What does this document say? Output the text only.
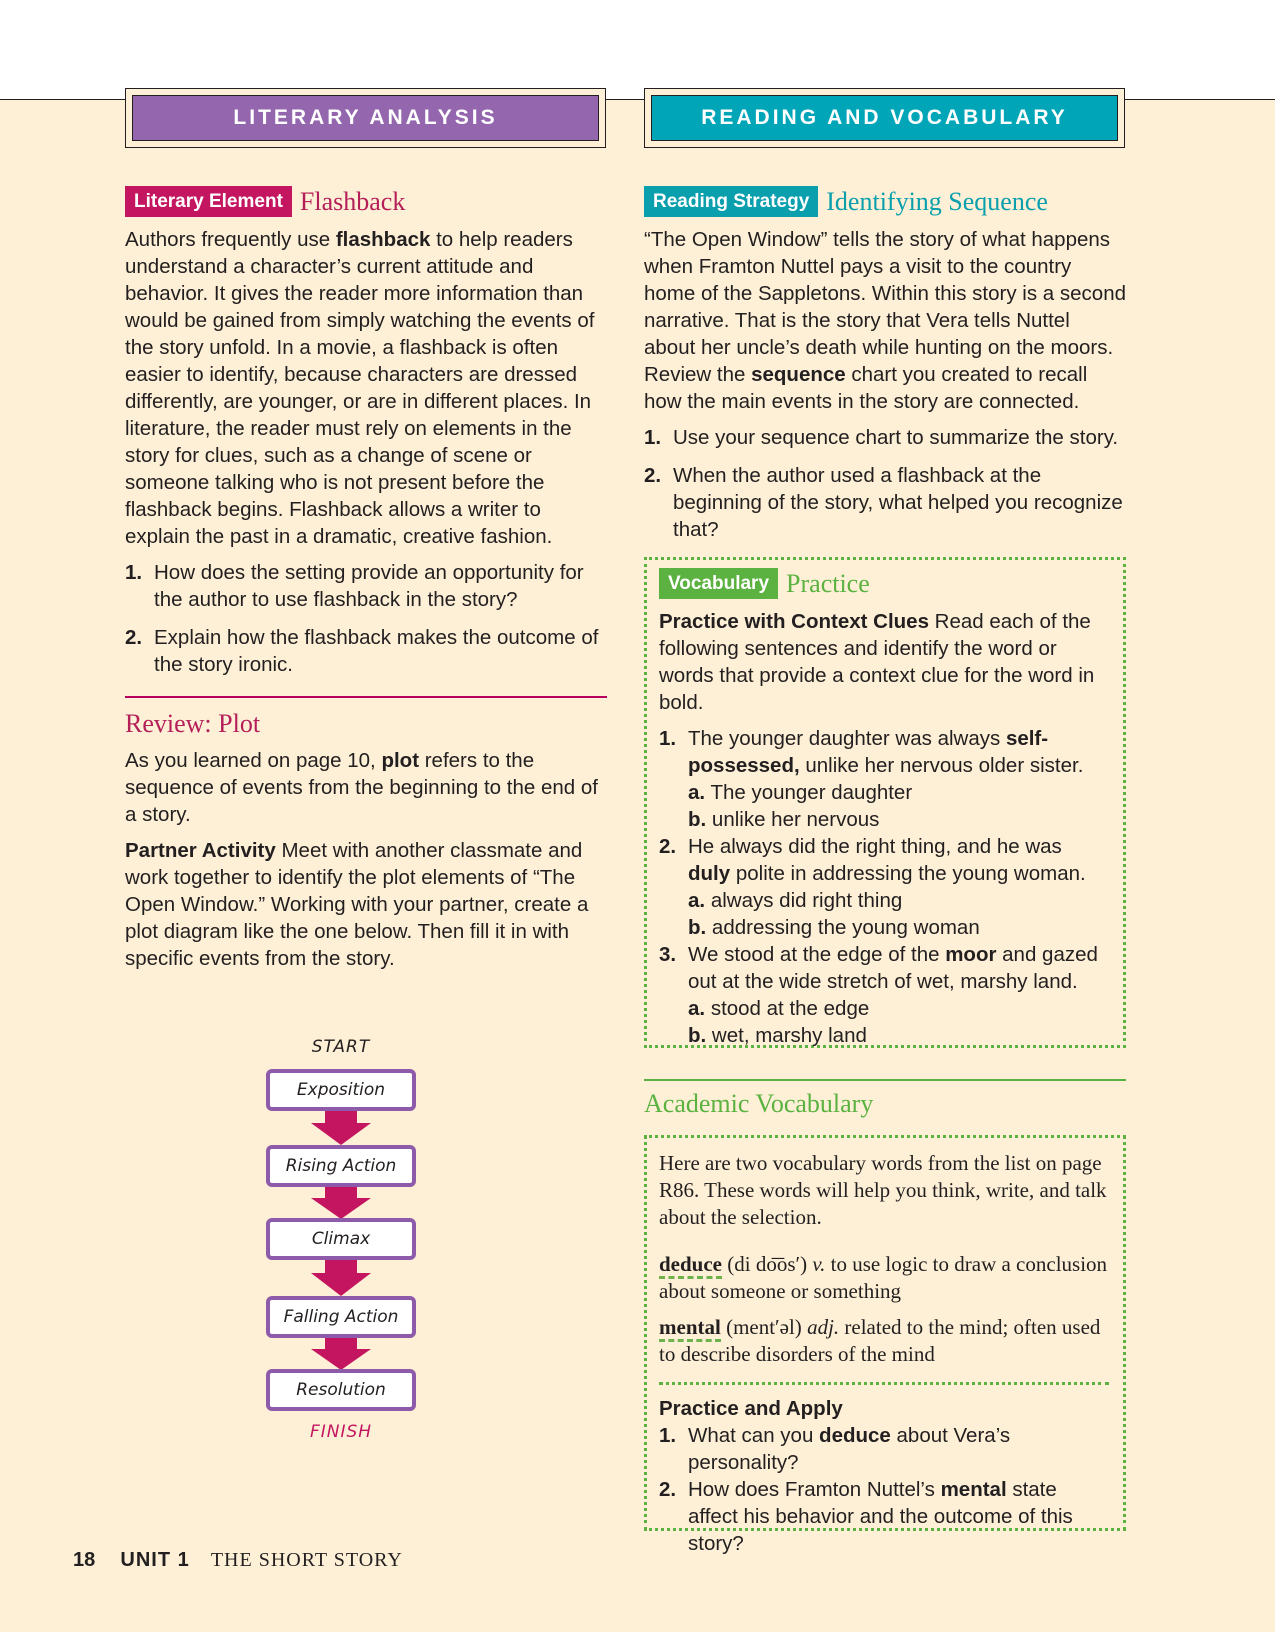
LITERARY ANALYSIS	READING AND VOCABULARY
Literary Element Flashback

Authors frequently use flashback to help readers understand a character’s current attitude and behavior. It gives the reader more information than would be gained from simply watching the events of the story unfold. In a movie, a flashback is often easier to identify, because characters are dressed differently, are younger, or are in different places. In literature, the reader must rely on elements in the story for clues, such as a change of scene or someone talking who is not present before the flashback begins. Flashback allows a writer to explain the past in a dramatic, creative fashion.

1. How does the setting provide an opportunity for the author to use flashback in the story?
2. Explain how the flashback makes the outcome of the story ironic.
Review: Plot

As you learned on page 10, plot refers to the sequence of events from the beginning to the end of a story.

Partner Activity Meet with another classmate and work together to identify the plot elements of “The Open Window.” Working with your partner, create a plot diagram like the one below. Then fill it in with specific events from the story.

START
Exposition
Rising Action
Climax
Falling Action
Resolution
FINISH
Reading Strategy Identifying Sequence

“The Open Window” tells the story of what happens when Framton Nuttel pays a visit to the country home of the Sappletons. Within this story is a second narrative. That is the story that Vera tells Nuttel about her uncle’s death while hunting on the moors. Review the sequence chart you created to recall how the main events in the story are connected.

1. Use your sequence chart to summarize the story.
2. When the author used a flashback at the beginning of the story, what helped you recognize that?
Vocabulary Practice

Practice with Context Clues Read each of the following sentences and identify the word or words that provide a context clue for the word in bold.

1. The younger daughter was always self-possessed, unlike her nervous older sister.
a. The younger daughter
b. unlike her nervous
2. He always did the right thing, and he was duly polite in addressing the young woman.
a. always did right thing
b. addressing the young woman
3. We stood at the edge of the moor and gazed out at the wide stretch of wet, marshy land.
a. stood at the edge
b. wet, marshy land
Academic Vocabulary
Here are two vocabulary words from the list on page R86. These words will help you think, write, and talk about the selection.
deduce (di do͞os′) v. to use logic to draw a conclusion about someone or something
mental (ment′əl) adj. related to the mind; often used to describe disorders of the mind
Practice and Apply
1. What can you deduce about Vera’s personality?
2. How does Framton Nuttel’s mental state affect his behavior and the outcome of this story?
18 UNIT 1 THE SHORT STORY
